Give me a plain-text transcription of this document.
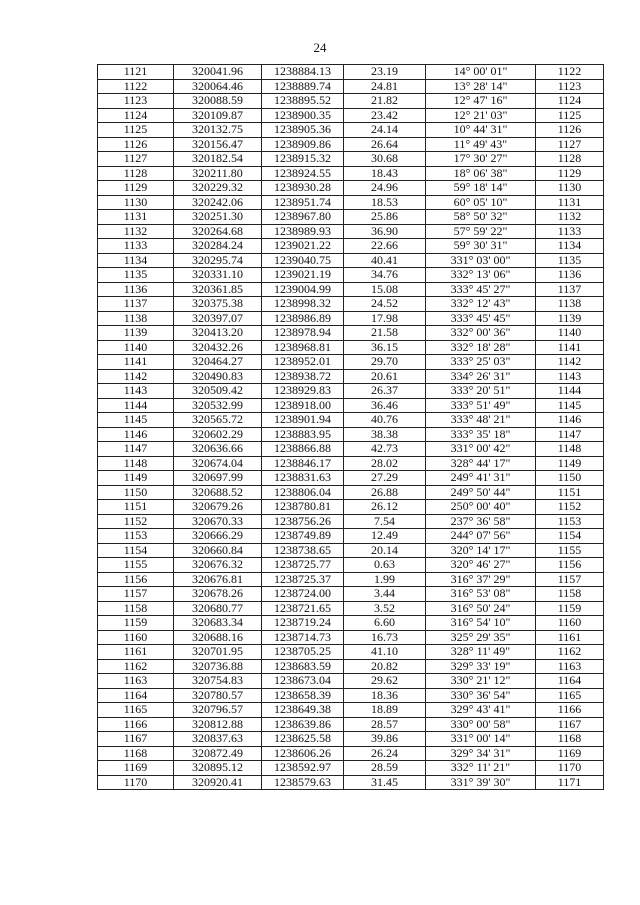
24
1121	320041.96	1238884.13	23.19	14° 00' 01"	1122
1122	320064.46	1238889.74	24.81	13° 28' 14"	1123
1123	320088.59	1238895.52	21.82	12° 47' 16"	1124
1124	320109.87	1238900.35	23.42	12° 21' 03"	1125
1125	320132.75	1238905.36	24.14	10° 44' 31"	1126
1126	320156.47	1238909.86	26.64	11° 49' 43"	1127
1127	320182.54	1238915.32	30.68	17° 30' 27"	1128
1128	320211.80	1238924.55	18.43	18° 06' 38"	1129
1129	320229.32	1238930.28	24.96	59° 18' 14"	1130
1130	320242.06	1238951.74	18.53	60° 05' 10"	1131
1131	320251.30	1238967.80	25.86	58° 50' 32"	1132
1132	320264.68	1238989.93	36.90	57° 59' 22"	1133
1133	320284.24	1239021.22	22.66	59° 30' 31"	1134
1134	320295.74	1239040.75	40.41	331° 03' 00"	1135
1135	320331.10	1239021.19	34.76	332° 13' 06"	1136
1136	320361.85	1239004.99	15.08	333° 45' 27"	1137
1137	320375.38	1238998.32	24.52	332° 12' 43"	1138
1138	320397.07	1238986.89	17.98	333° 45' 45"	1139
1139	320413.20	1238978.94	21.58	332° 00' 36"	1140
1140	320432.26	1238968.81	36.15	332° 18' 28"	1141
1141	320464.27	1238952.01	29.70	333° 25' 03"	1142
1142	320490.83	1238938.72	20.61	334° 26' 31"	1143
1143	320509.42	1238929.83	26.37	333° 20' 51"	1144
1144	320532.99	1238918.00	36.46	333° 51' 49"	1145
1145	320565.72	1238901.94	40.76	333° 48' 21"	1146
1146	320602.29	1238883.95	38.38	333° 35' 18"	1147
1147	320636.66	1238866.88	42.73	331° 00' 42"	1148
1148	320674.04	1238846.17	28.02	328° 44' 17"	1149
1149	320697.99	1238831.63	27.29	249° 41' 31"	1150
1150	320688.52	1238806.04	26.88	249° 50' 44"	1151
1151	320679.26	1238780.81	26.12	250° 00' 40"	1152
1152	320670.33	1238756.26	7.54	237° 36' 58"	1153
1153	320666.29	1238749.89	12.49	244° 07' 56"	1154
1154	320660.84	1238738.65	20.14	320° 14' 17"	1155
1155	320676.32	1238725.77	0.63	320° 46' 27"	1156
1156	320676.81	1238725.37	1.99	316° 37' 29"	1157
1157	320678.26	1238724.00	3.44	316° 53' 08"	1158
1158	320680.77	1238721.65	3.52	316° 50' 24"	1159
1159	320683.34	1238719.24	6.60	316° 54' 10"	1160
1160	320688.16	1238714.73	16.73	325° 29' 35"	1161
1161	320701.95	1238705.25	41.10	328° 11' 49"	1162
1162	320736.88	1238683.59	20.82	329° 33' 19"	1163
1163	320754.83	1238673.04	29.62	330° 21' 12"	1164
1164	320780.57	1238658.39	18.36	330° 36' 54"	1165
1165	320796.57	1238649.38	18.89	329° 43' 41"	1166
1166	320812.88	1238639.86	28.57	330° 00' 58"	1167
1167	320837.63	1238625.58	39.86	331° 00' 14"	1168
1168	320872.49	1238606.26	26.24	329° 34' 31"	1169
1169	320895.12	1238592.97	28.59	332° 11' 21"	1170
1170	320920.41	1238579.63	31.45	331° 39' 30"	1171
